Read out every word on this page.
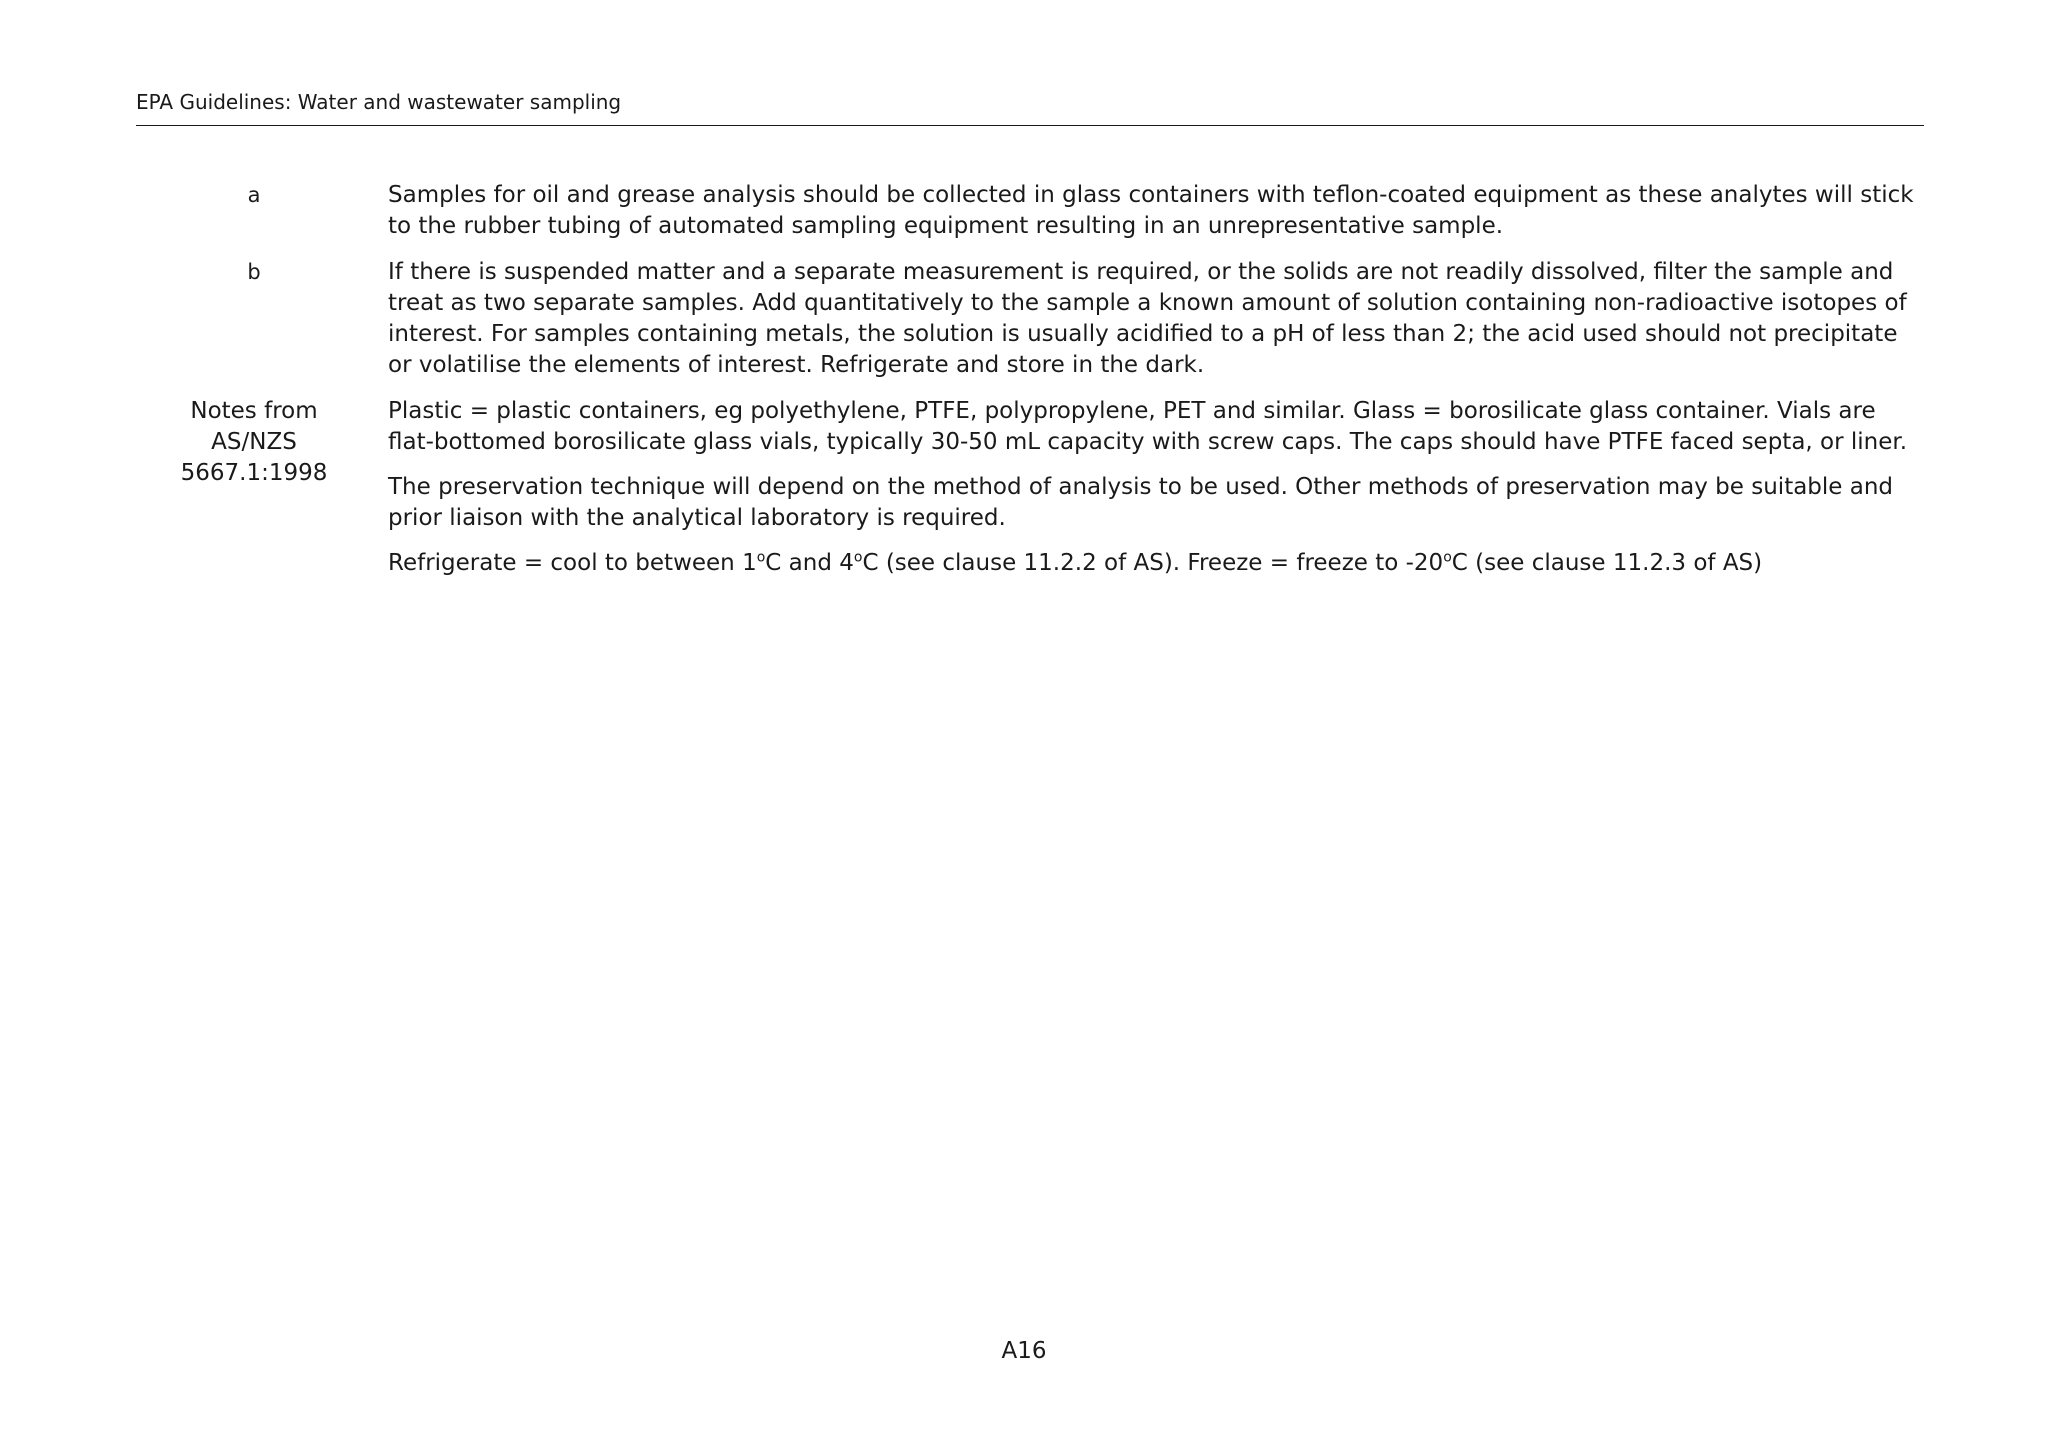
EPA Guidelines: Water and wastewater sampling
a	Samples for oil and grease analysis should be collected in glass containers with teflon-coated equipment as these analytes will stick to the rubber tubing of automated sampling equipment resulting in an unrepresentative sample.

b	If there is suspended matter and a separate measurement is required, or the solids are not readily dissolved, filter the sample and treat as two separate samples. Add quantitatively to the sample a known amount of solution containing non-radioactive isotopes of interest. For samples containing metals, the solution is usually acidified to a pH of less than 2; the acid used should not precipitate or volatilise the elements of interest. Refrigerate and store in the dark.

Notes from
AS/NZS
5667.1:1998

Plastic = plastic containers, eg polyethylene, PTFE, polypropylene, PET and similar. Glass = borosilicate glass container. Vials are flat-bottomed borosilicate glass vials, typically 30-50 mL capacity with screw caps. The caps should have PTFE faced septa, or liner.

The preservation technique will depend on the method of analysis to be used. Other methods of preservation may be suitable and prior liaison with the analytical laboratory is required.

Refrigerate = cool to between 1$^o$C and 4$^o$C (see clause 11.2.2 of AS). Freeze = freeze to -20$^o$C (see clause 11.2.3 of AS)

A16
